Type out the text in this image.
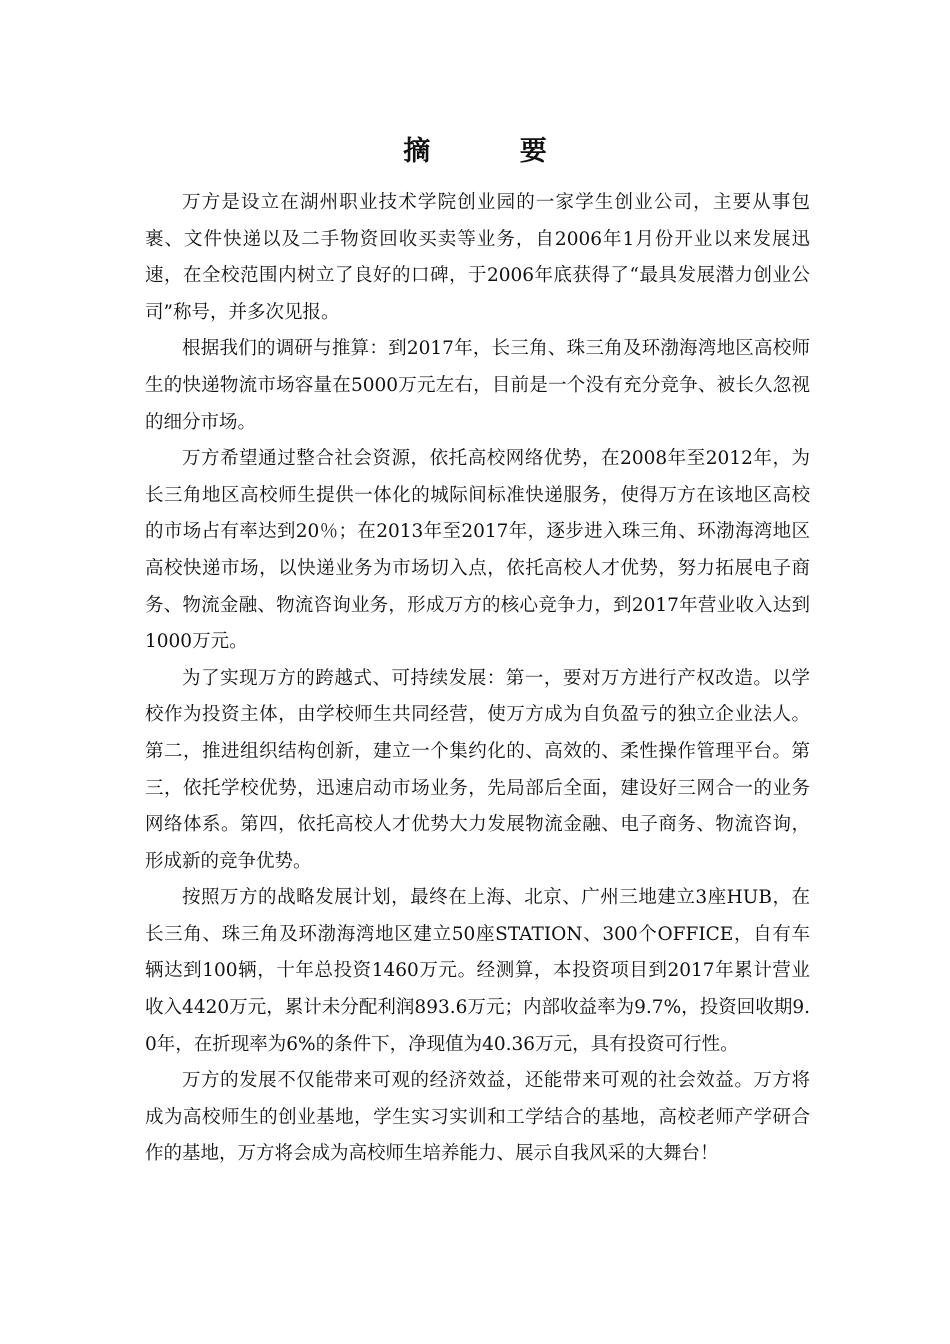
摘 要

万方是设立在湖州职业技术学院创业园的一家学生创业公司，主要从事包裹、文件快递以及二手物资回收买卖等业务，自2006年1月份开业以来发展迅速，在全校范围内树立了良好的口碑，于2006年底获得了“最具发展潜力创业公司”称号，并多次见报。

根据我们的调研与推算：到2017年，长三角、珠三角及环渤海湾地区高校师生的快递物流市场容量在5000万元左右，目前是一个没有充分竞争、被长久忽视的细分市场。

万方希望通过整合社会资源，依托高校网络优势，在2008年至2012年，为长三角地区高校师生提供一体化的城际间标准快递服务，使得万方在该地区高校的市场占有率达到20％；在2013年至2017年，逐步进入珠三角、环渤海湾地区高校快递市场，以快递业务为市场切入点，依托高校人才优势，努力拓展电子商务、物流金融、物流咨询业务，形成万方的核心竞争力，到2017年营业收入达到1000万元。

为了实现万方的跨越式、可持续发展：第一，要对万方进行产权改造。以学校作为投资主体，由学校师生共同经营，使万方成为自负盈亏的独立企业法人。第二，推进组织结构创新，建立一个集约化的、高效的、柔性操作管理平台。第三，依托学校优势，迅速启动市场业务，先局部后全面，建设好三网合一的业务网络体系。第四，依托高校人才优势大力发展物流金融、电子商务、物流咨询，形成新的竞争优势。

按照万方的战略发展计划，最终在上海、北京、广州三地建立3座HUB，在长三角、珠三角及环渤海湾地区建立50座STATION、300个OFFICE，自有车辆达到100辆，十年总投资1460万元。经测算，本投资项目到2017年累计营业收入4420万元，累计未分配利润893.6万元；内部收益率为9.7%，投资回收期9.0年，在折现率为6%的条件下，净现值为40.36万元，具有投资可行性。

万方的发展不仅能带来可观的经济效益，还能带来可观的社会效益。万方将成为高校师生的创业基地，学生实习实训和工学结合的基地，高校老师产学研合作的基地，万方将会成为高校师生培养能力、展示自我风采的大舞台！
